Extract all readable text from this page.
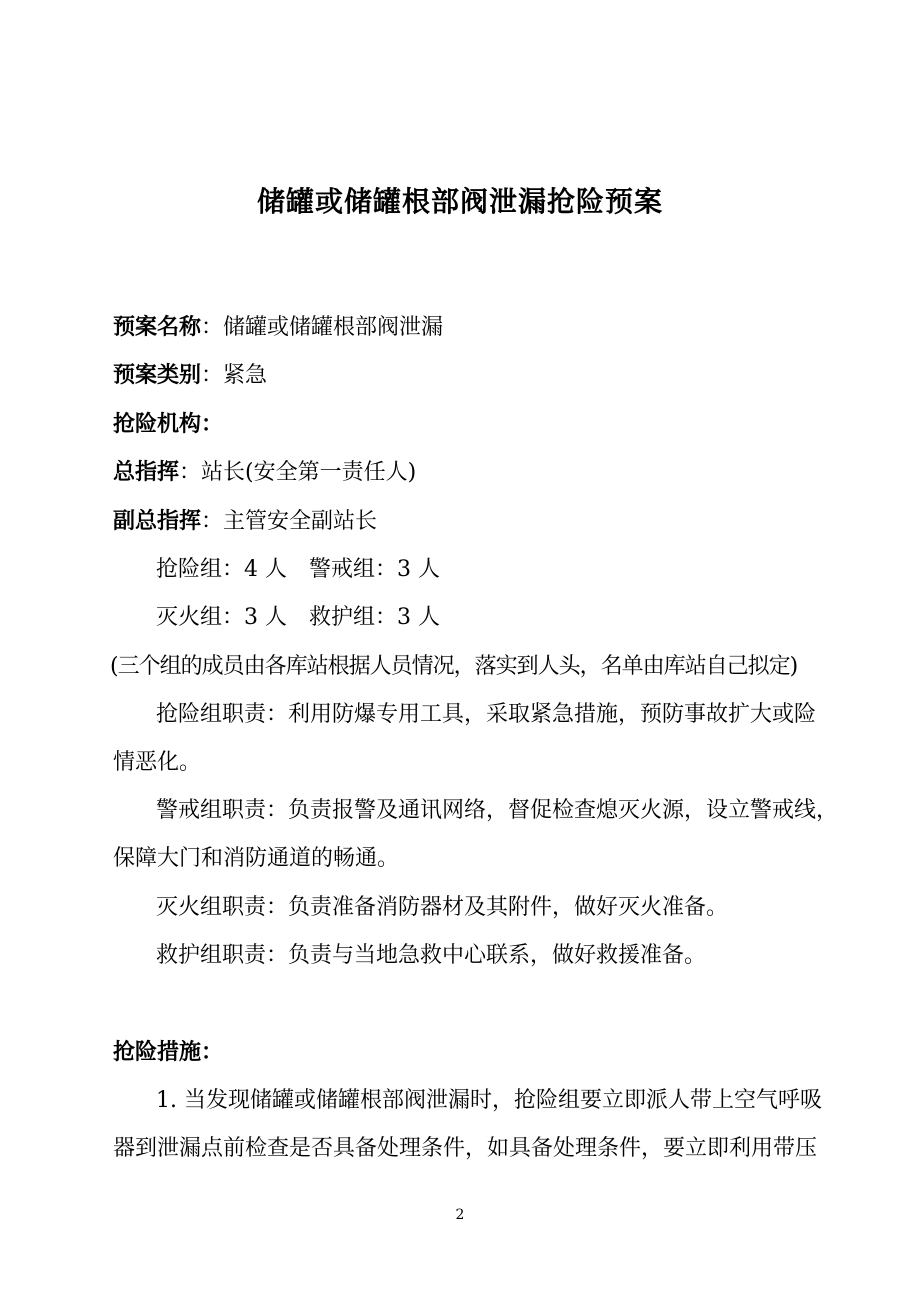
储罐或储罐根部阀泄漏抢险预案
预案名称：储罐或储罐根部阀泄漏
预案类别：紧急
抢险机构：
总指挥：站长(安全第一责任人)
副总指挥：主管安全副站长
抢险组：4 人 警戒组：3 人
灭火组：3 人 救护组：3 人
(三个组的成员由各库站根据人员情况，落实到人头，名单由库站自己拟定)
抢险组职责：利用防爆专用工具，采取紧急措施，预防事故扩大或险
情恶化。
警戒组职责：负责报警及通讯网络，督促检查熄灭火源，设立警戒线，
保障大门和消防通道的畅通。
灭火组职责：负责准备消防器材及其附件，做好灭火准备。
救护组职责：负责与当地急救中心联系，做好救援准备。
抢险措施：
1. 当发现储罐或储罐根部阀泄漏时，抢险组要立即派人带上空气呼吸
器到泄漏点前检查是否具备处理条件，如具备处理条件，要立即利用带压
2
